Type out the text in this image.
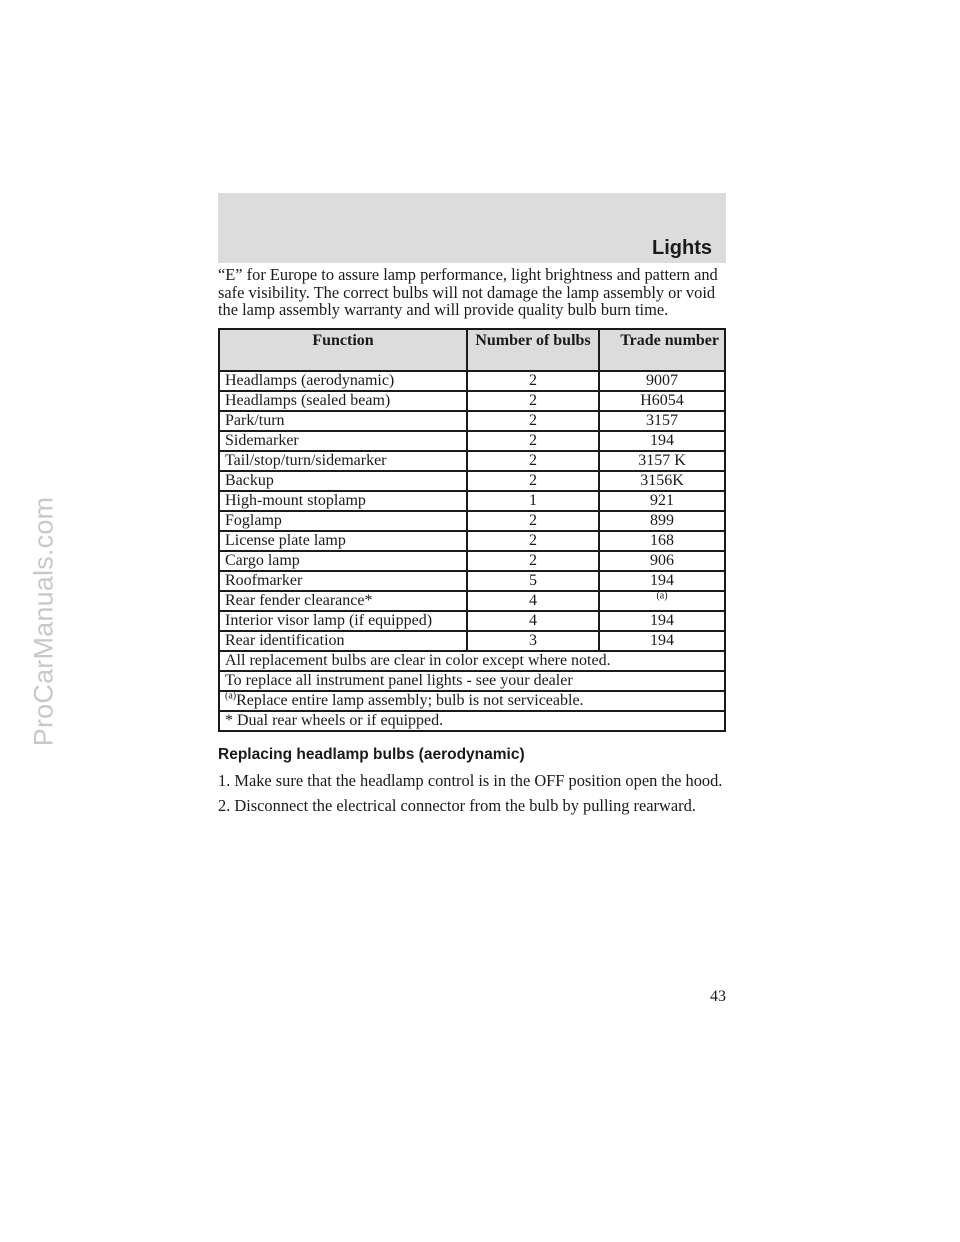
ProCarManuals.com
Lights

“E” for Europe to assure lamp performance, light brightness and pattern and safe visibility. The correct bulbs will not damage the lamp assembly or void the lamp assembly warranty and will provide quality bulb burn time.

Function	Number of bulbs	Trade number
Headlamps (aerodynamic)	2	9007
Headlamps (sealed beam)	2	H6054
Park/turn	2	3157
Sidemarker	2	194
Tail/stop/turn/sidemarker	2	3157 K
Backup	2	3156K
High-mount stoplamp	1	921
Foglamp	2	899
License plate lamp	2	168
Cargo lamp	2	906
Roofmarker	5	194
Rear fender clearance*	4	$^{(a)}$
Interior visor lamp (if equipped)	4	194
Rear identification	3	194
All replacement bulbs are clear in color except where noted.		
To replace all instrument panel lights - see your dealer		
$^{(a)}$Replace entire lamp assembly; bulb is not serviceable.		
* Dual rear wheels or if equipped.		

Replacing headlamp bulbs (aerodynamic)

1. Make sure that the headlamp control is in the OFF position open the hood.

2. Disconnect the electrical connector from the bulb by pulling rearward.

43
